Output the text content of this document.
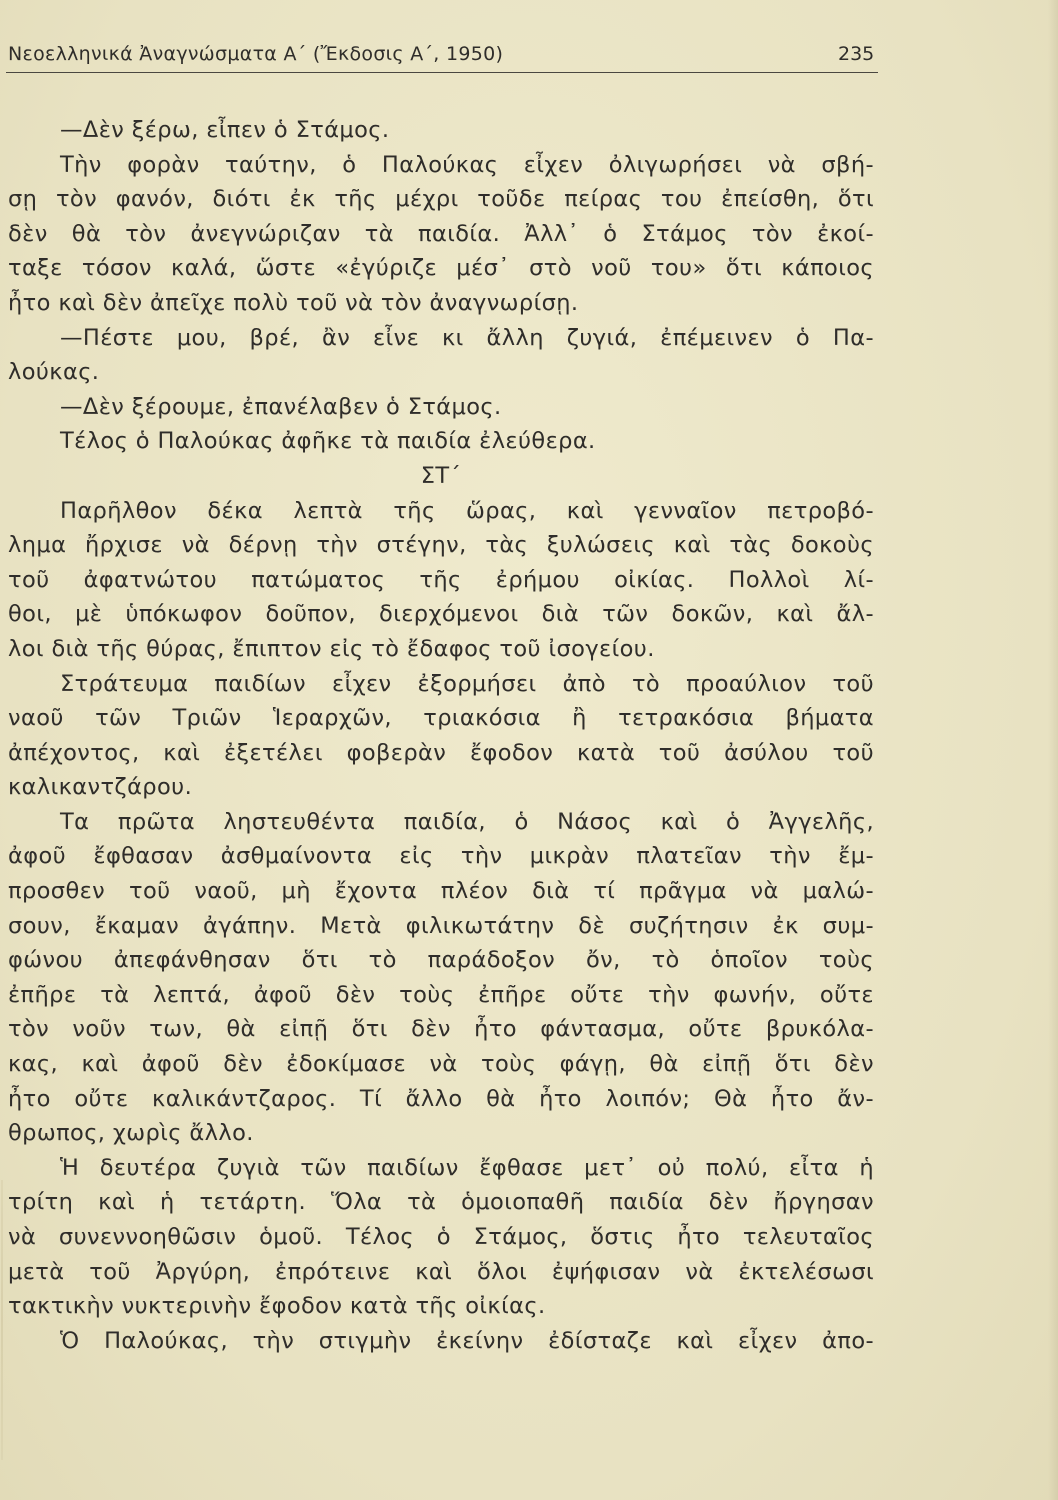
Νεοελληνικά Ἀναγνώσματα Α΄ (Ἔκδοσις Α΄, 1950)	235
—Δὲν ξέρω, εἶπεν ὁ Στάμος.
Τὴν φορὰν ταύτην, ὁ Παλούκας εἶχεν ὀλιγωρήσει νὰ σβή-
σῃ τὸν φανόν, διότι ἐκ τῆς μέχρι τοῦδε πείρας του ἐπείσθη, ὅτι
δὲν θὰ τὸν ἀνεγνώριζαν τὰ παιδία. Ἀλλ᾽ ὁ Στάμος τὸν ἐκοί-
ταξε τόσον καλά, ὥστε «ἐγύριζε μέσ᾽ στὸ νοῦ του» ὅτι κάποιος
ἦτο καὶ δὲν ἀπεῖχε πολὺ τοῦ νὰ τὸν ἀναγνωρίσῃ.
—Πέστε μου, βρέ, ἂν εἶνε κι ἄλλη ζυγιά, ἐπέμεινεν ὁ Πα-
λούκας.
—Δὲν ξέρουμε, ἐπανέλαβεν ὁ Στάμος.
Τέλος ὁ Παλούκας ἀφῆκε τὰ παιδία ἐλεύθερα.
ΣΤ΄
Παρῆλθον δέκα λεπτὰ τῆς ὥρας, καὶ γενναῖον πετροβό-
λημα ἤρχισε νὰ δέρνῃ τὴν στέγην, τὰς ξυλώσεις καὶ τὰς δοκοὺς
τοῦ ἀφατνώτου πατώματος τῆς ἐρήμου οἰκίας. Πολλοὶ λί-
θοι, μὲ ὑπόκωφον δοῦπον, διερχόμενοι διὰ τῶν δοκῶν, καὶ ἄλ-
λοι διὰ τῆς θύρας, ἔπιπτον εἰς τὸ ἔδαφος τοῦ ἰσογείου.
Στράτευμα παιδίων εἶχεν ἐξορμήσει ἀπὸ τὸ προαύλιον τοῦ
ναοῦ τῶν Τριῶν Ἱεραρχῶν, τριακόσια ἢ τετρακόσια βήματα
ἀπέχοντος, καὶ ἐξετέλει φοβερὰν ἔφοδον κατὰ τοῦ ἀσύλου τοῦ
καλικαντζάρου.
Τα πρῶτα ληστευθέντα παιδία, ὁ Νάσος καὶ ὁ Ἀγγελῆς,
ἀφοῦ ἔφθασαν ἀσθμαίνοντα εἰς τὴν μικρὰν πλατεῖαν τὴν ἔμ-
προσθεν τοῦ ναοῦ, μὴ ἔχοντα πλέον διὰ τί πρᾶγμα νὰ μαλώ-
σουν, ἔκαμαν ἀγάπην. Μετὰ φιλικωτάτην δὲ συζήτησιν ἐκ συμ-
φώνου ἀπεφάνθησαν ὅτι τὸ παράδοξον ὄν, τὸ ὁποῖον τοὺς
ἐπῆρε τὰ λεπτά, ἀφοῦ δὲν τοὺς ἐπῆρε οὔτε τὴν φωνήν, οὔτε
τὸν νοῦν των, θὰ εἰπῇ ὅτι δὲν ἦτο φάντασμα, οὔτε βρυκόλα-
κας, καὶ ἀφοῦ δὲν ἐδοκίμασε νὰ τοὺς φάγῃ, θὰ εἰπῇ ὅτι δὲν
ἦτο οὔτε καλικάντζαρος. Τί ἄλλο θὰ ἦτο λοιπόν; Θὰ ἦτο ἄν-
θρωπος, χωρὶς ἄλλο.
Ἡ δευτέρα ζυγιὰ τῶν παιδίων ἔφθασε μετ᾽ οὐ πολύ, εἶτα ἡ
τρίτη καὶ ἡ τετάρτη. Ὅλα τὰ ὁμοιοπαθῆ παιδία δὲν ἤργησαν
νὰ συνεννοηθῶσιν ὁμοῦ. Τέλος ὁ Στάμος, ὅστις ἦτο τελευταῖος
μετὰ τοῦ Ἀργύρη, ἐπρότεινε καὶ ὅλοι ἐψήφισαν νὰ ἐκτελέσωσι
τακτικὴν νυκτερινὴν ἔφοδον κατὰ τῆς οἰκίας.
Ὁ Παλούκας, τὴν στιγμὴν ἐκείνην ἐδίσταζε καὶ εἶχεν ἀπο-
